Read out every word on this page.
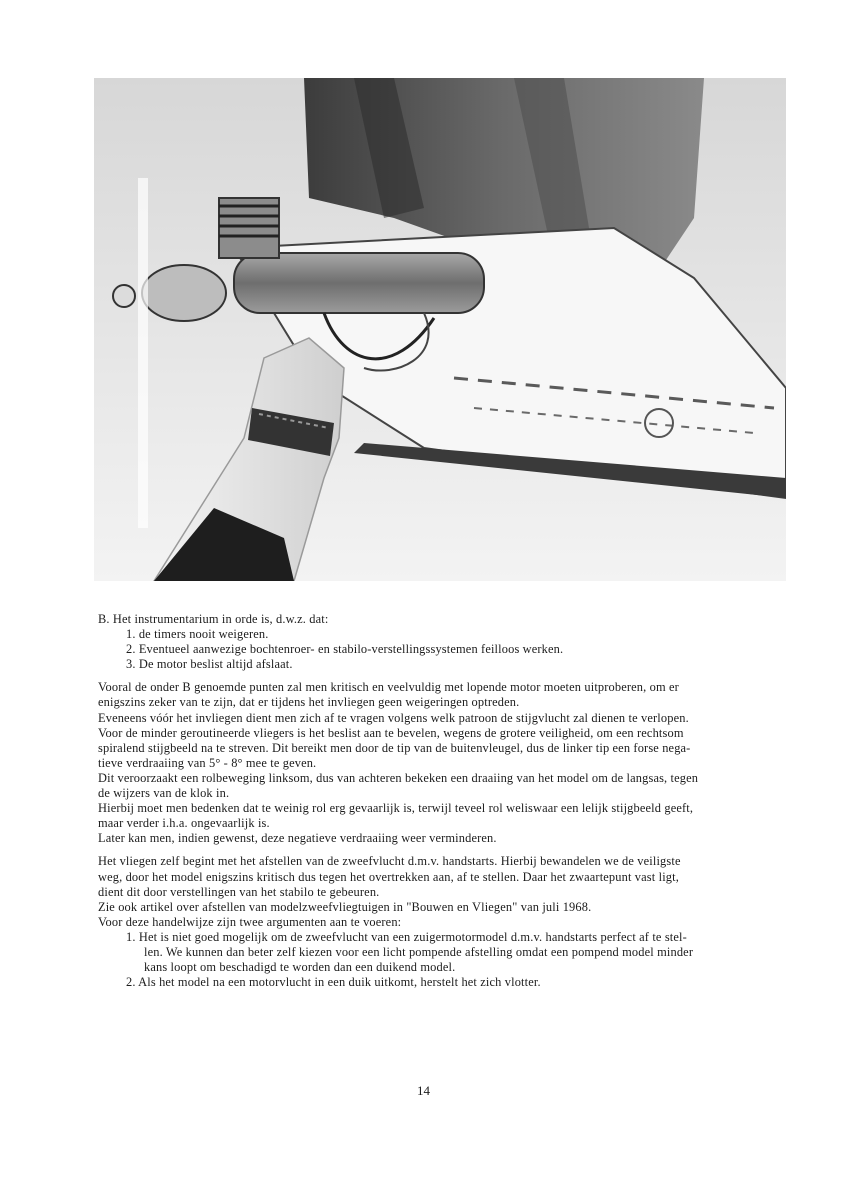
B. Het instrumentarium in orde is, d.w.z. dat:
1. de timers nooit weigeren.
2. Eventueel aanwezige bochtenroer- en stabilo-verstellingssystemen feilloos werken.
3. De motor beslist altijd afslaat.
Vooral de onder B genoemde punten zal men kritisch en veelvuldig met lopende motor moeten uitproberen, om er
enigszins zeker van te zijn, dat er tijdens het invliegen geen weigeringen optreden.
Eveneens vóór het invliegen dient men zich af te vragen volgens welk patroon de stijgvlucht zal dienen te verlopen.
Voor de minder geroutineerde vliegers is het beslist aan te bevelen, wegens de grotere veiligheid, om een rechtsom
spiralend stijgbeeld na te streven. Dit bereikt men door de tip van de buitenvleugel, dus de linker tip een forse nega-
tieve verdraaiing van 5° - 8° mee te geven.
Dit veroorzaakt een rolbeweging linksom, dus van achteren bekeken een draaiing van het model om de langsas, tegen
de wijzers van de klok in.
Hierbij moet men bedenken dat te weinig rol erg gevaarlijk is, terwijl teveel rol weliswaar een lelijk stijgbeeld geeft,
maar verder i.h.a. ongevaarlijk is.
Later kan men, indien gewenst, deze negatieve verdraaiing weer verminderen.
Het vliegen zelf begint met het afstellen van de zweefvlucht d.m.v. handstarts. Hierbij bewandelen we de veiligste
weg, door het model enigszins kritisch dus tegen het overtrekken aan, af te stellen. Daar het zwaartepunt vast ligt,
dient dit door verstellingen van het stabilo te gebeuren.
Zie ook artikel over afstellen van modelzweefvliegtuigen in "Bouwen en Vliegen" van juli 1968.
Voor deze handelwijze zijn twee argumenten aan te voeren:
1. Het is niet goed mogelijk om de zweefvlucht van een zuigermotormodel d.m.v. handstarts perfect af te stel-
len. We kunnen dan beter zelf kiezen voor een licht pompende afstelling omdat een pompend model minder
kans loopt om beschadigd te worden dan een duikend model.
2. Als het model na een motorvlucht in een duik uitkomt, herstelt het zich vlotter.
14
